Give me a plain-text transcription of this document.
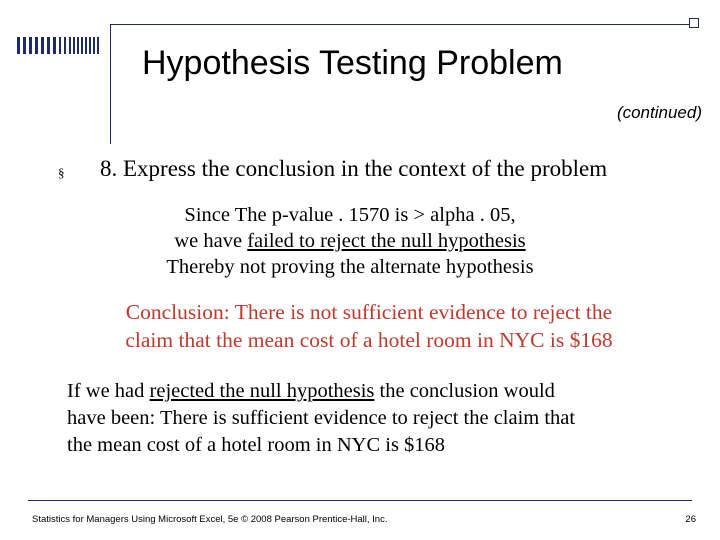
Hypothesis Testing Problem
(continued)
§ 8. Express the conclusion in the context of the problem
Since The p-value . 1570 is > alpha . 05,
we have failed to reject the null hypothesis
Thereby not proving the alternate hypothesis
Conclusion: There is not sufficient evidence to reject the
claim that the mean cost of a hotel room in NYC is $168
If we had rejected the null hypothesis the conclusion would
have been: There is sufficient evidence to reject the claim that
the mean cost of a hotel room in NYC is $168
Statistics for Managers Using Microsoft Excel, 5e © 2008 Pearson Prentice-Hall, Inc.	26
